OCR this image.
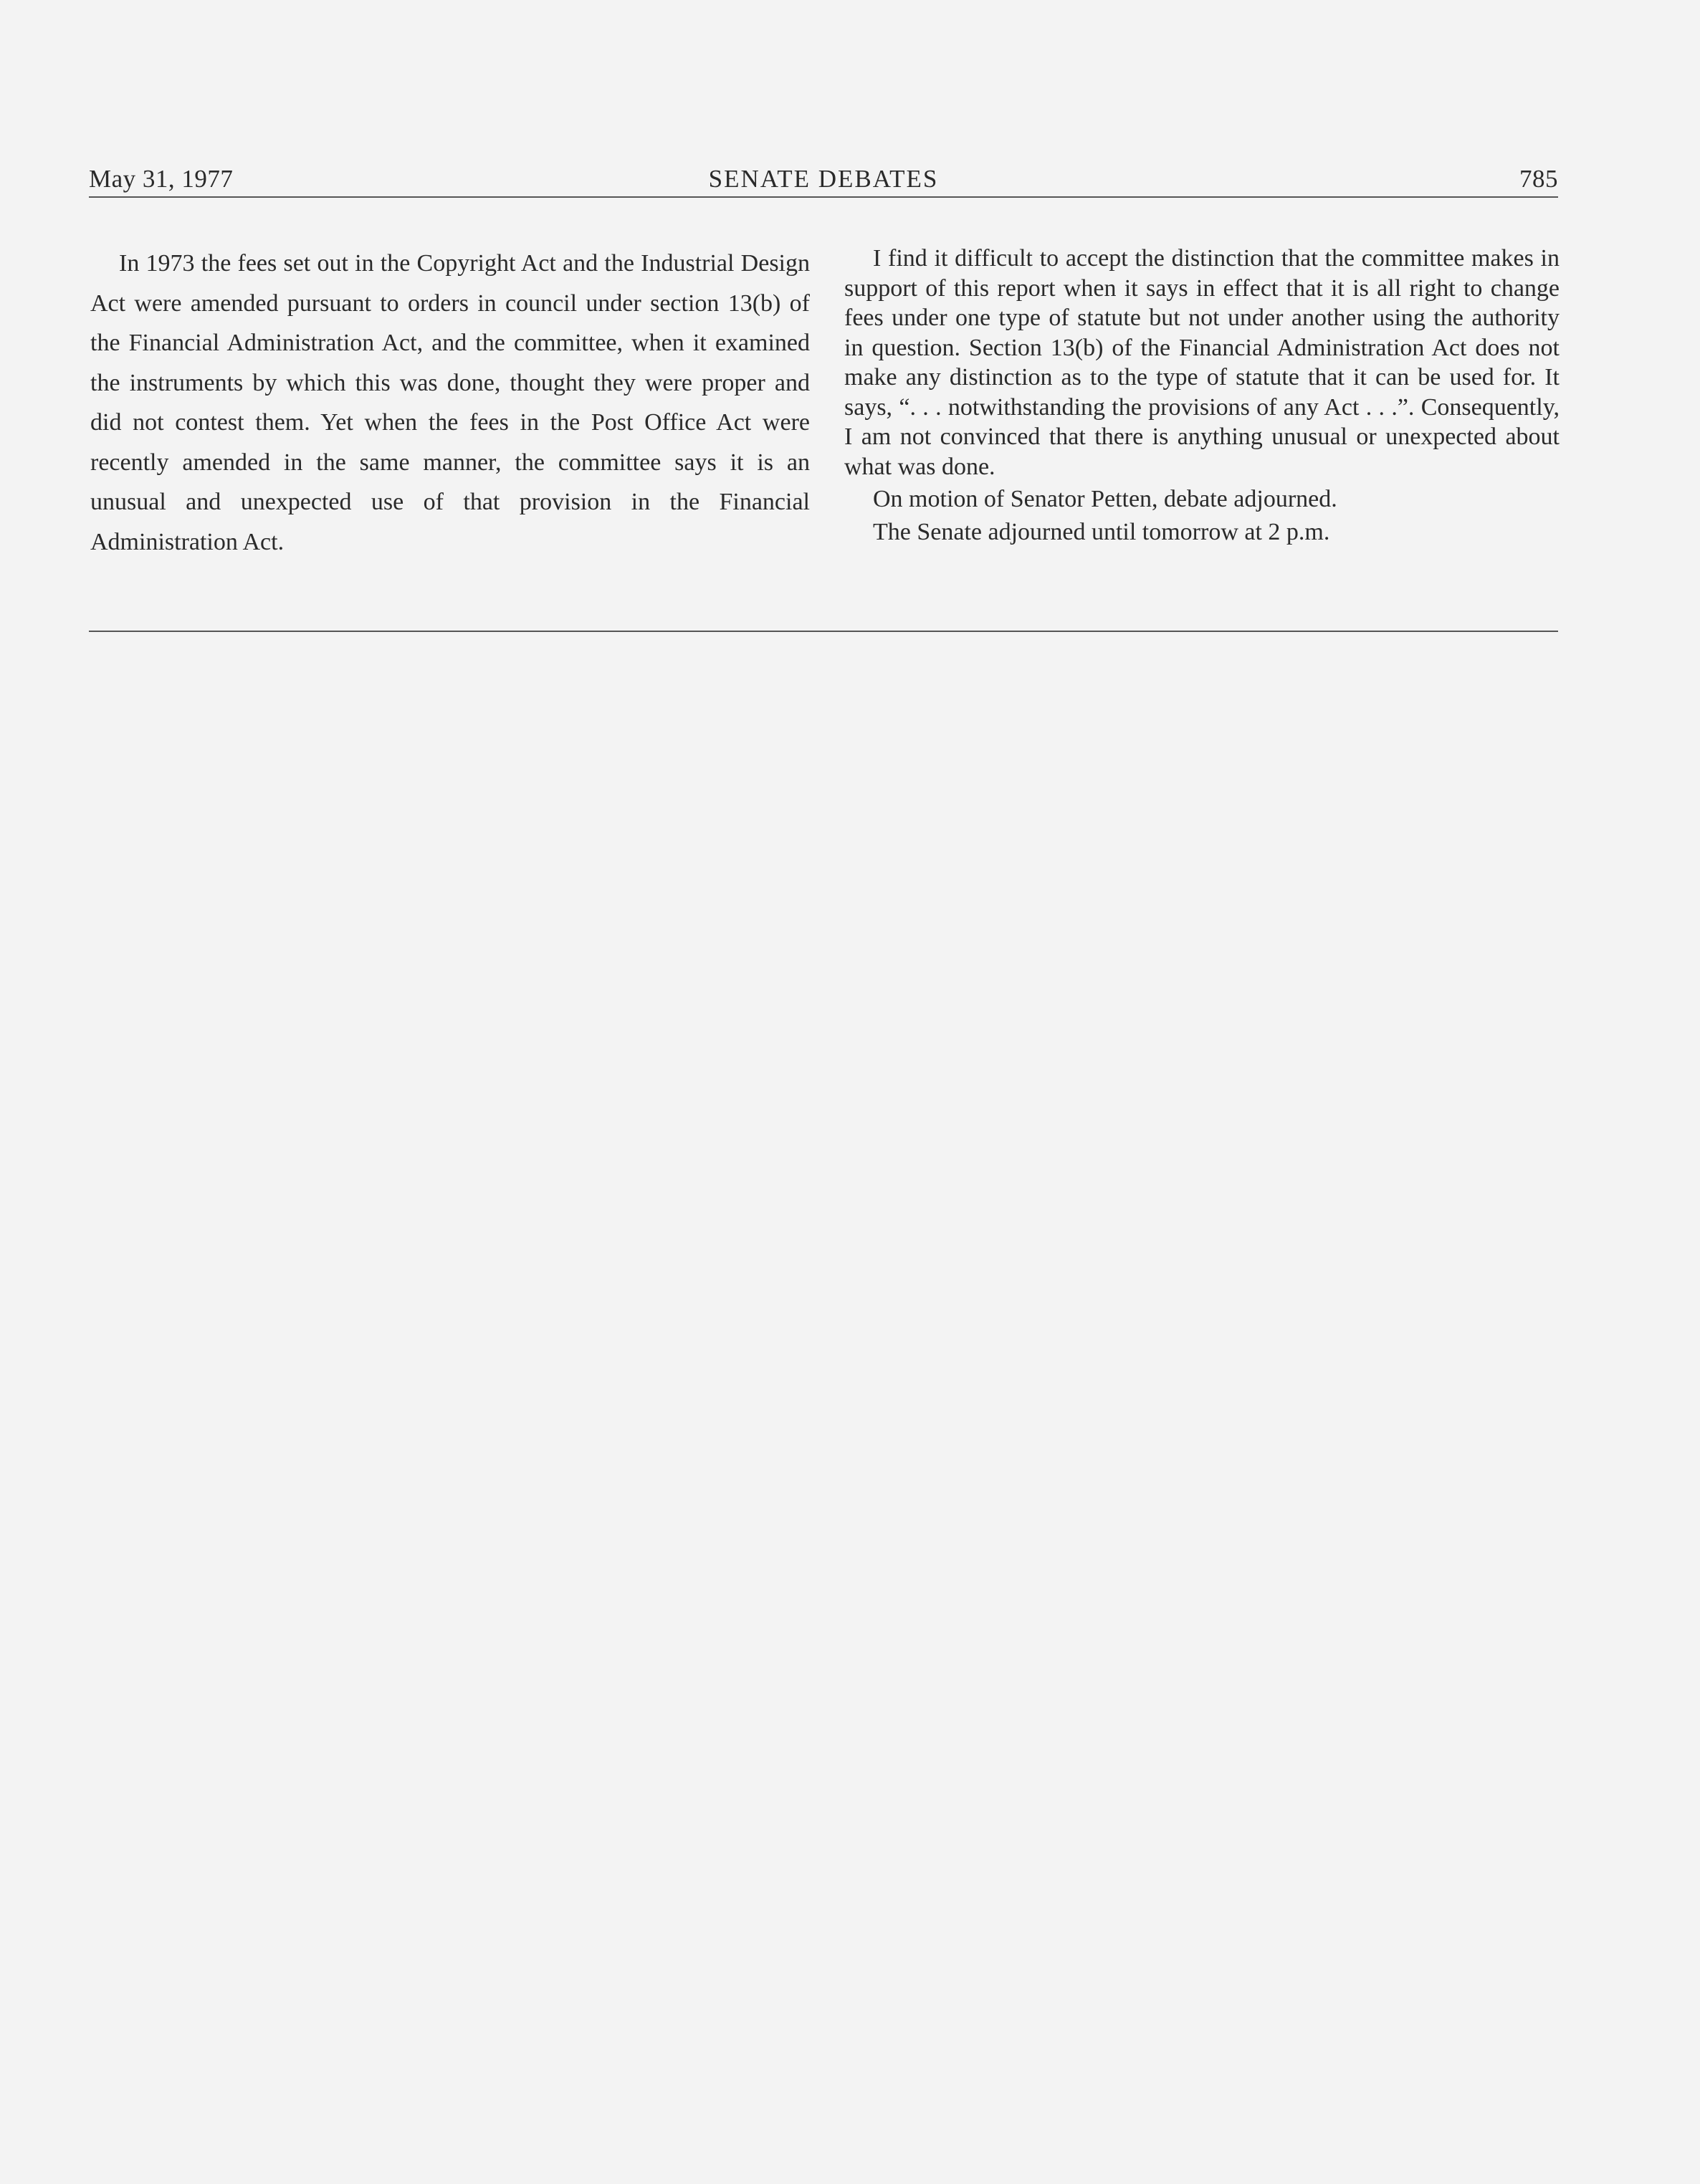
May 31, 1977	SENATE DEBATES	785

In 1973 the fees set out in the Copyright Act and the Industrial Design Act were amended pursuant to orders in council under section 13(b) of the Financial Administration Act, and the committee, when it examined the instruments by which this was done, thought they were proper and did not contest them. Yet when the fees in the Post Office Act were recently amended in the same manner, the committee says it is an unusual and unexpected use of that provision in the Financial Administration Act.

I find it difficult to accept the distinction that the committee makes in support of this report when it says in effect that it is all right to change fees under one type of statute but not under another using the authority in question. Section 13(b) of the Financial Administration Act does not make any distinction as to the type of statute that it can be used for. It says, “. . . notwithstanding the provisions of any Act . . .”. Consequently, I am not convinced that there is anything unusual or unexpected about what was done.

On motion of Senator Petten, debate adjourned.

The Senate adjourned until tomorrow at 2 p.m.
